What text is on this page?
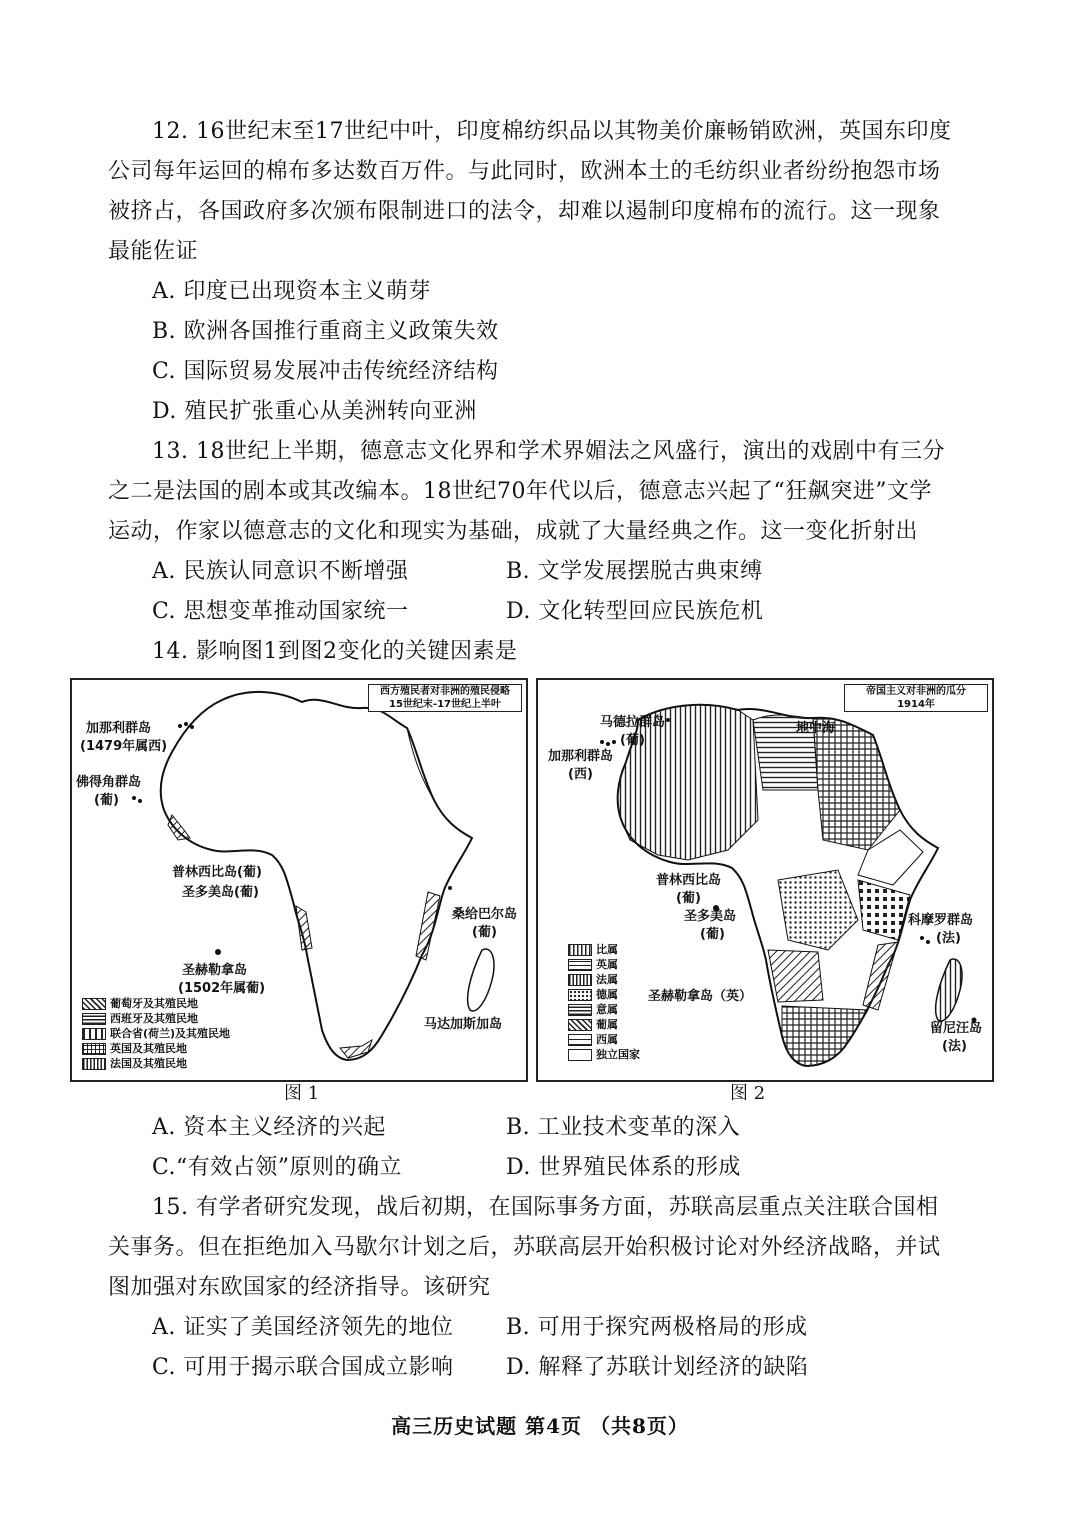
12. 16世纪末至17世纪中叶，印度棉纺织品以其物美价廉畅销欧洲，英国东印度公司每年运回的棉布多达数百万件。与此同时，欧洲本土的毛纺织业者纷纷抱怨市场被挤占，各国政府多次颁布限制进口的法令，却难以遏制印度棉布的流行。这一现象最能佐证
A. 印度已出现资本主义萌芽
B. 欧洲各国推行重商主义政策失效
C. 国际贸易发展冲击传统经济结构
D. 殖民扩张重心从美洲转向亚洲
13. 18世纪上半期，德意志文化界和学术界媚法之风盛行，演出的戏剧中有三分之二是法国的剧本或其改编本。18世纪70年代以后，德意志兴起了“狂飙突进”文学运动，作家以德意志的文化和现实为基础，成就了大量经典之作。这一变化折射出
A. 民族认同意识不断增强	B. 文学发展摆脱古典束缚
C. 思想变革推动国家统一	D. 文化转型回应民族危机
14. 影响图1到图2变化的关键因素是
西方殖民者对非洲的殖民侵略
15世纪末-17世纪上半叶
加那利群岛
(1479年属西)
佛得角群岛
(葡)
普林西比岛(葡)
圣多美岛(葡)
桑给巴尔岛
(葡)
圣赫勒拿岛
(1502年属葡)
马达加斯加岛
葡萄牙及其殖民地
西班牙及其殖民地
联合省(荷兰)及其殖民地
英国及其殖民地
法国及其殖民地
帝国主义对非洲的瓜分
1914年
马德拉群岛
(葡)
地中海
加那利群岛
(西)
普林西比岛
(葡)
圣多美岛
(葡)
科摩罗群岛
(法)
圣赫勒拿岛（英）
留尼汪岛
(法)
比属
英属
法属
德属
意属
葡属
西属
独立国家
图 1	图 2
A. 资本主义经济的兴起	B. 工业技术变革的深入
C.“有效占领”原则的确立	D. 世界殖民体系的形成
15. 有学者研究发现，战后初期，在国际事务方面，苏联高层重点关注联合国相关事务。但在拒绝加入马歇尔计划之后，苏联高层开始积极讨论对外经济战略，并试图加强对东欧国家的经济指导。该研究
A. 证实了美国经济领先的地位 B. 可用于探究两极格局的形成
C. 可用于揭示联合国成立影响 D. 解释了苏联计划经济的缺陷
高三历史试题 第4页 （共8页）
